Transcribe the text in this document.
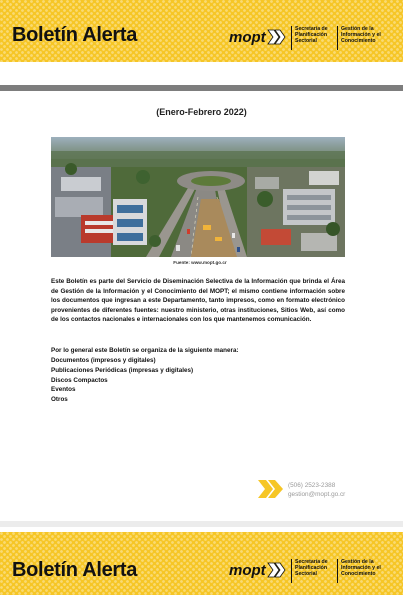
Boletín Alerta	mopt	Secretaría de
Planificación
Sectorial
Gestión de la
Información y el
Conocimiento
(Enero-Febrero 2022)
Fuente: www.mopt.go.cr

Este Boletín es parte del Servicio de Diseminación Selectiva de la Información que brinda el Área de Gestión de la Información y el Conocimiento del MOPT; el mismo contiene información sobre los documentos que ingresan a este Departamento, tanto impresos, como en formato electrónico provenientes de diferentes fuentes: nuestro ministerio, otras instituciones, Sitios Web, así como de los contactos nacionales e internacionales con los que mantenemos comunicación.

Por lo general este Boletín se organiza de la siguiente manera:

Documentos (impresos y digitales)
Publicaciones Periódicas (impresas y digitales)
Discos Compactos
Eventos
Otros
(506) 2523-2388
gestion@mopt.go.cr
Boletín Alerta	mopt	Secretaría de
Planificación
Sectorial
Gestión de la
Información y el
Conocimiento
